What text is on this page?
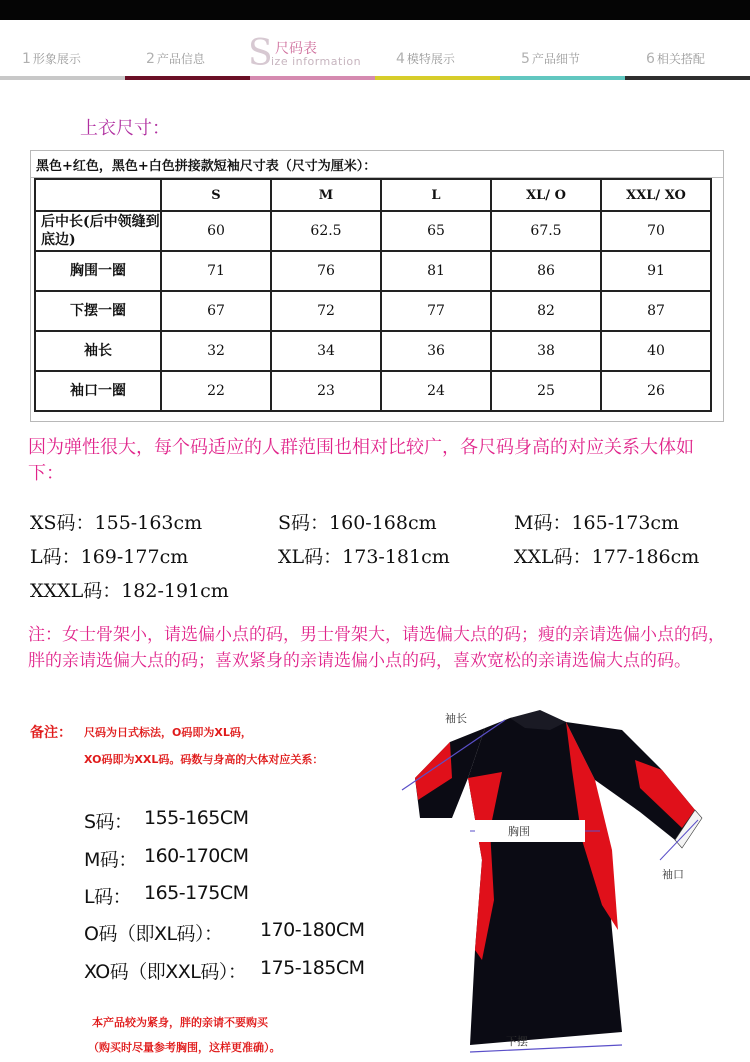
1 形象展示	2 产品信息 S 尺码表
ize information 4 模特展示	5 产品细节	6 相关搭配
上衣尺寸：
黑色+红色，黑色+白色拼接款短袖尺寸表（尺寸为厘米）：
	S	M	L	XL/ O	XXL/ XO
后中长(后中领缝到底边)	60	62.5	65	67.5	70
胸围一圈	71	76	81	86	91
下摆一圈	67	72	77	82	87
袖长	32	34	36	38	40
袖口一圈	22	23	24	25	26
因为弹性很大，每个码适应的人群范围也相对比较广，各尺码身高的对应关系大体如下：
XS码：155-163cm	S码：160-168cm	M码：165-173cm
L码：169-177cm	XL码：173-181cm	XXL码：177-186cm
XXXL码：182-191cm
注：女士骨架小，请选偏小点的码，男士骨架大，请选偏大点的码；瘦的亲请选偏小点的码，胖的亲请选偏大点的码；喜欢紧身的亲请选偏小点的码，喜欢宽松的亲请选偏大点的码。
备注： 尺码为日式标法，O码即为XL码，
XO码即为XXL码。码数与身高的大体对应关系：
S码： 155-165CM
M码： 160-170CM
L码： 165-175CM
O码（即XL码）： 170-180CM
XO码（即XXL码）： 175-185CM
本产品较为紧身，胖的亲请不要购买
（购买时尽量参考胸围，这样更准确）。
袖长
胸围
袖口
下摆
